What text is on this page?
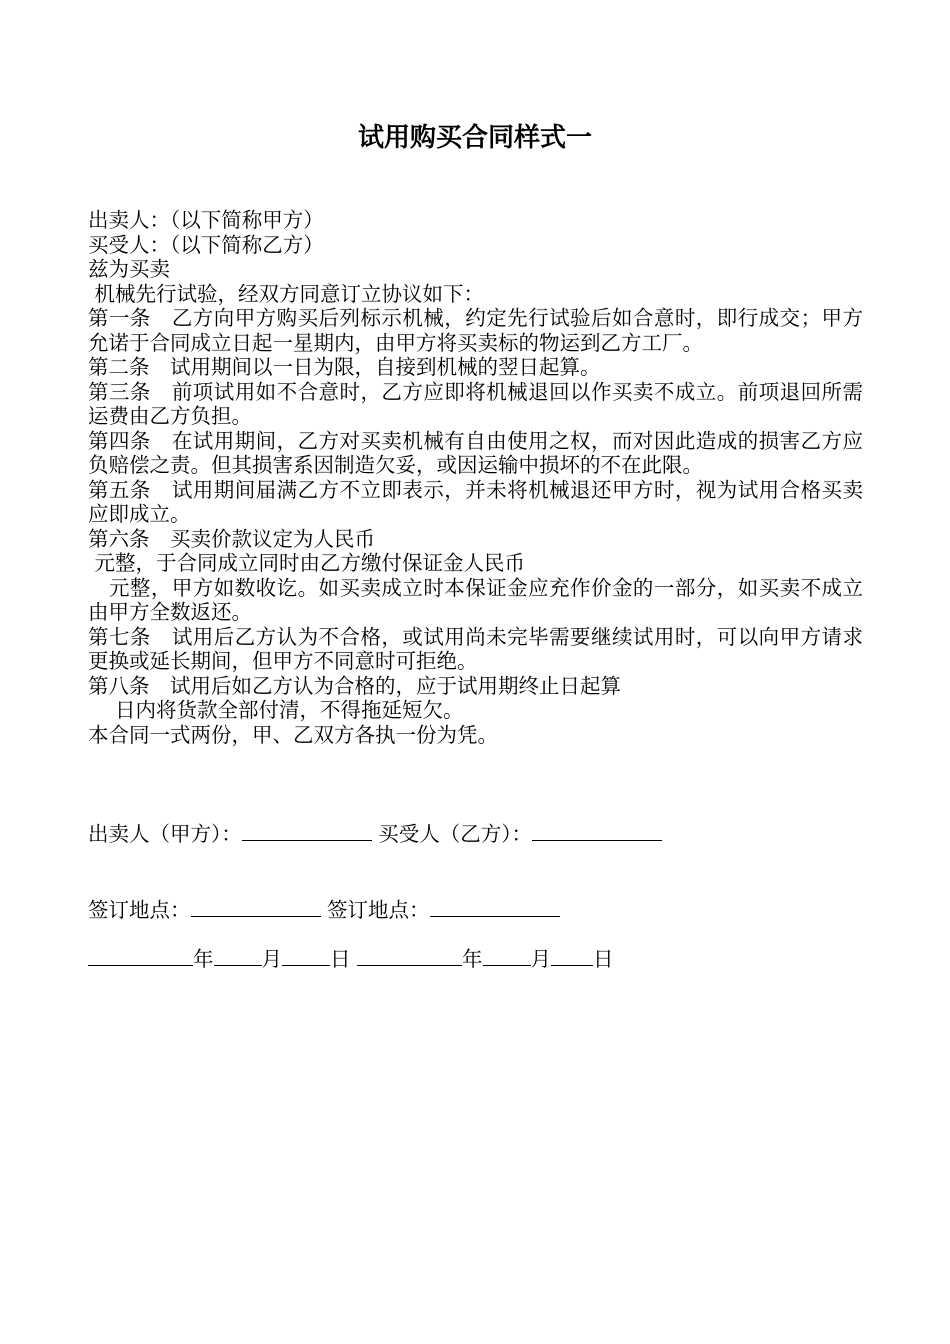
试用购买合同样式一

出卖人：（以下简称甲方）

买受人：（以下简称乙方）

兹为买卖

机械先行试验，经双方同意订立协议如下：

第一条　乙方向甲方购买后列标示机械，约定先行试验后如合意时，即行成交；甲方允诺于合同成立日起一星期内，由甲方将买卖标的物运到乙方工厂。

第二条　试用期间以一日为限，自接到机械的翌日起算。

第三条　前项试用如不合意时，乙方应即将机械退回以作买卖不成立。前项退回所需运费由乙方负担。

第四条　在试用期间，乙方对买卖机械有自由使用之权，而对因此造成的损害乙方应负赔偿之责。但其损害系因制造欠妥，或因运输中损坏的不在此限。

第五条　试用期间届满乙方不立即表示，并未将机械退还甲方时，视为试用合格买卖应即成立。

第六条　买卖价款议定为人民币

元整，于合同成立同时由乙方缴付保证金人民币

　元整，甲方如数收讫。如买卖成立时本保证金应充作价金的一部分，如买卖不成立由甲方全数返还。

第七条　试用后乙方认为不合格，或试用尚未完毕需要继续试用时，可以向甲方请求更换或延长期间，但甲方不同意时可拒绝。

第八条　试用后如乙方认为合格的，应于试用期终止日起算

　 日内将货款全部付清，不得拖延短欠。

本合同一式两份，甲、乙双方各执一份为凭。

出卖人（甲方）：	买受人（乙方）：
签订地点：	签订地点：
年 月 日	年 月 日
